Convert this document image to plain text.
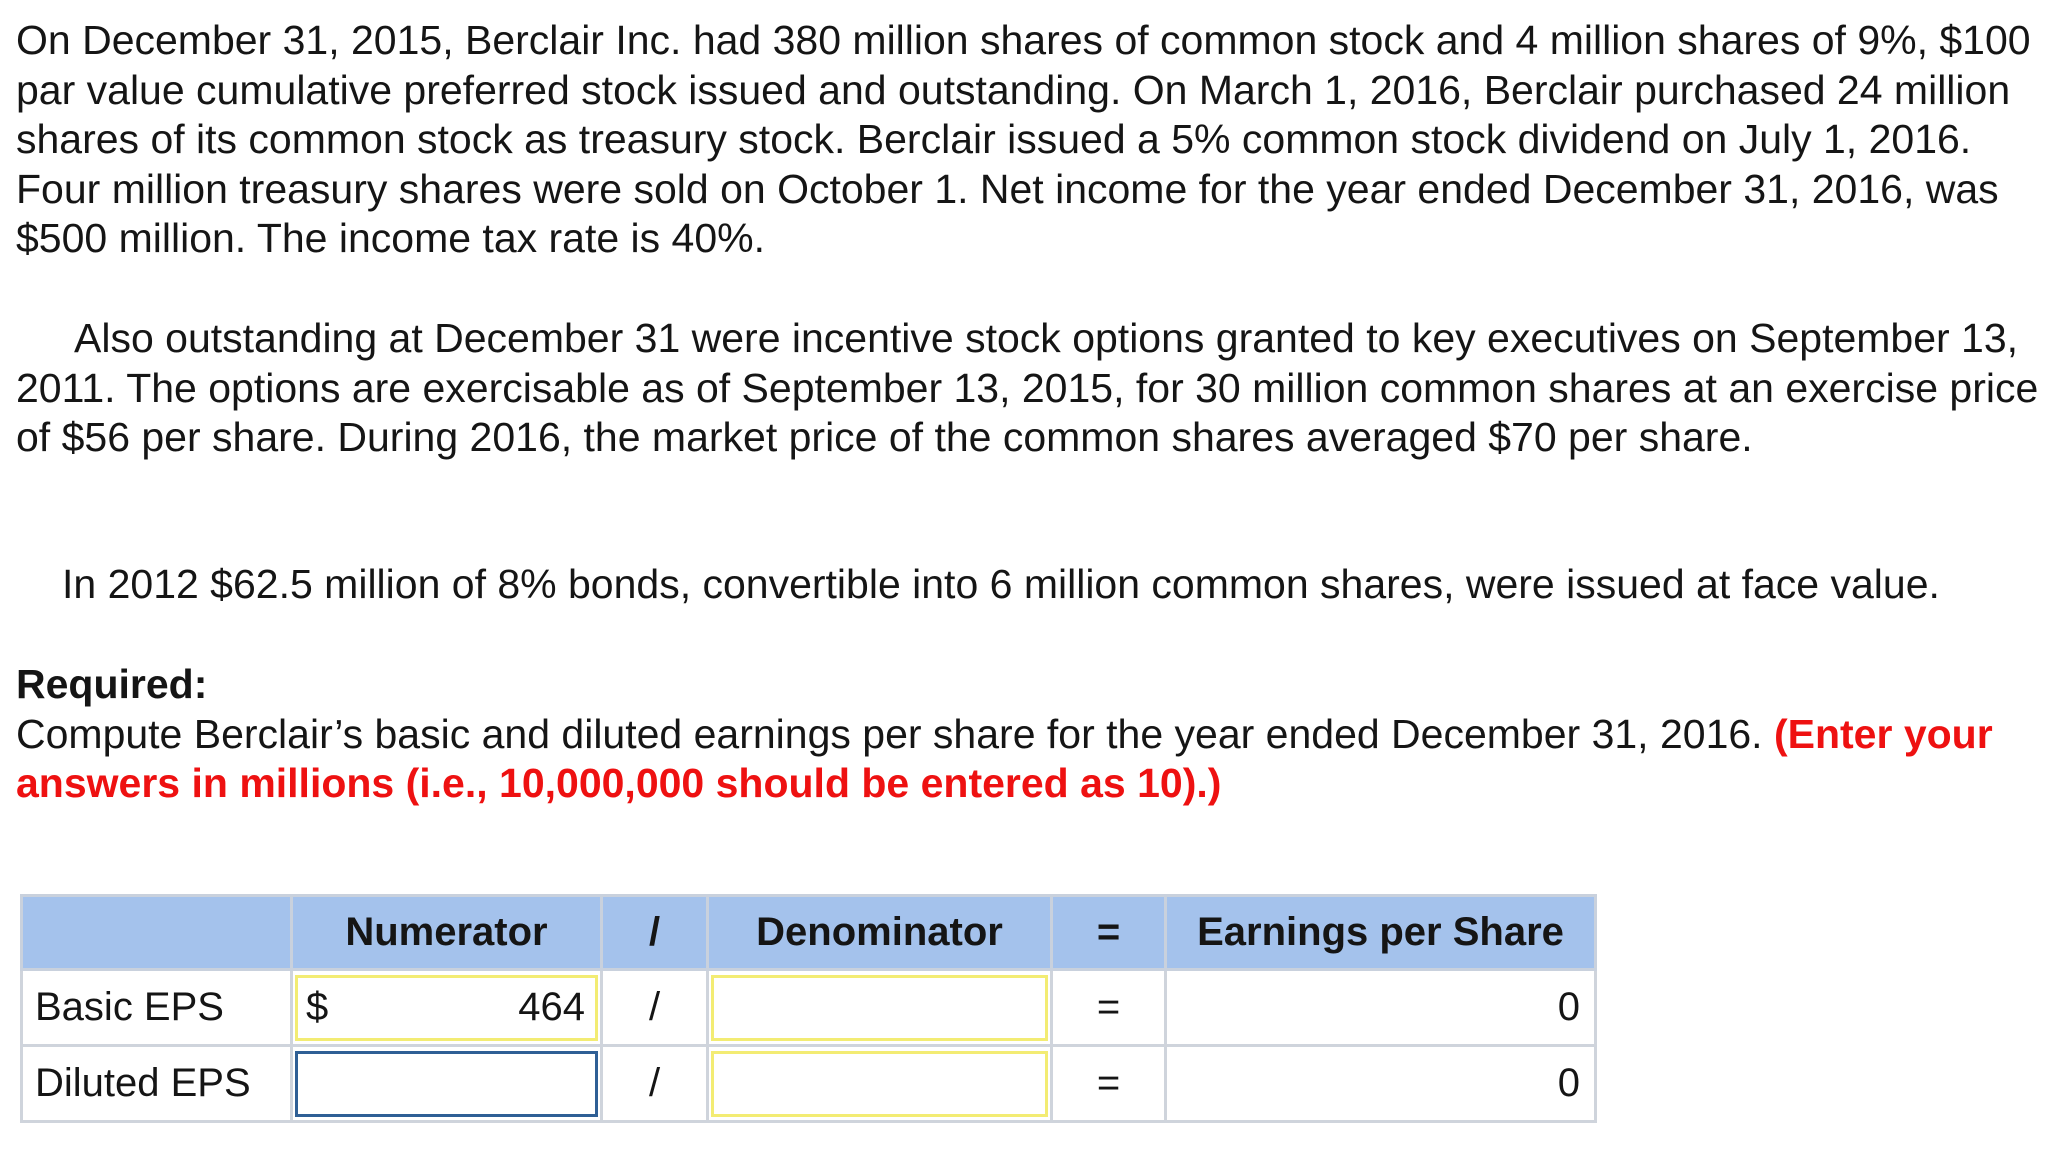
On December 31, 2015, Berclair Inc. had 380 million shares of common stock and 4 million shares of 9%, $100 par value cumulative preferred stock issued and outstanding. On March 1, 2016, Berclair purchased 24 million shares of its common stock as treasury stock. Berclair issued a 5% common stock dividend on July 1, 2016. Four million treasury shares were sold on October 1. Net income for the year ended December 31, 2016, was $500 million. The income tax rate is 40%.

Also outstanding at December 31 were incentive stock options granted to key executives on September 13, 2011. The options are exercisable as of September 13, 2015, for 30 million common shares at an exercise price of $56 per share. During 2016, the market price of the common shares averaged $70 per share.

In 2012 $62.5 million of 8% bonds, convertible into 6 million common shares, were issued at face value.

Required:
Compute Berclair’s basic and diluted earnings per share for the year ended December 31, 2016. (Enter your answers in millions (i.e., 10,000,000 should be entered as 10).)

	Numerator	/	Denominator	=	Earnings per Share
Basic EPS	$ 464	/		=	0
Diluted EPS		/		=	0
